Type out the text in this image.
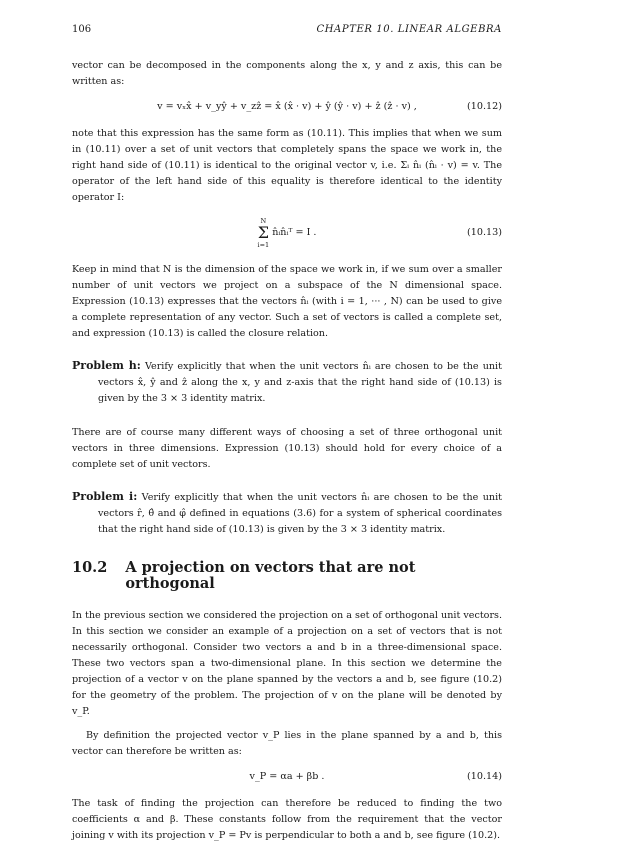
106	CHAPTER 10. LINEAR ALGEBRA

vector can be decomposed in the components along the x, y and z axis, this can be written as:

v = vₓx̂ + v_yŷ + v_zẑ = x̂ (x̂ · v) + ŷ (ŷ · v) + ẑ (ẑ · v) ,	(10.12)

note that this expression has the same form as (10.11). This implies that when we sum in (10.11) over a set of unit vectors that completely spans the space we work in, the right hand side of (10.11) is identical to the original vector v, i.e. Σᵢ n̂ᵢ (n̂ᵢ · v) = v. The operator of the left hand side of this equality is therefore identical to the identity operator I:

N
Σ
i=1
n̂ᵢn̂ᵢᵀ = I .	(10.13)

Keep in mind that N is the dimension of the space we work in, if we sum over a smaller number of unit vectors we project on a subspace of the N dimensional space. Expression (10.13) expresses that the vectors n̂ᵢ (with i = 1, ··· , N) can be used to give a complete representation of any vector. Such a set of vectors is called a complete set, and expression (10.13) is called the closure relation.

Problem h: Verify explicitly that when the unit vectors n̂ᵢ are chosen to be the unit vectors x̂, ŷ and ẑ along the x, y and z-axis that the right hand side of (10.13) is given by the 3 × 3 identity matrix.

There are of course many different ways of choosing a set of three orthogonal unit vectors in three dimensions. Expression (10.13) should hold for every choice of a complete set of unit vectors.

Problem i: Verify explicitly that when the unit vectors n̂ᵢ are chosen to be the unit vectors r̂, θ̂ and φ̂ defined in equations (3.6) for a system of spherical coordinates that the right hand side of (10.13) is given by the 3 × 3 identity matrix.
10.2 A projection on vectors that are not orthogonal

In the previous section we considered the projection on a set of orthogonal unit vectors. In this section we consider an example of a projection on a set of vectors that is not necessarily orthogonal. Consider two vectors a and b in a three-dimensional space. These two vectors span a two-dimensional plane. In this section we determine the projection of a vector v on the plane spanned by the vectors a and b, see figure (10.2) for the geometry of the problem. The projection of v on the plane will be denoted by v_P.

By definition the projected vector v_P lies in the plane spanned by a and b, this vector can therefore be written as:

v_P = αa + βb .	(10.14)

The task of finding the projection can therefore be reduced to finding the two coefficients α and β. These constants follow from the requirement that the vector joining v with its projection v_P = Pv is perpendicular to both a and b, see figure (10.2).
